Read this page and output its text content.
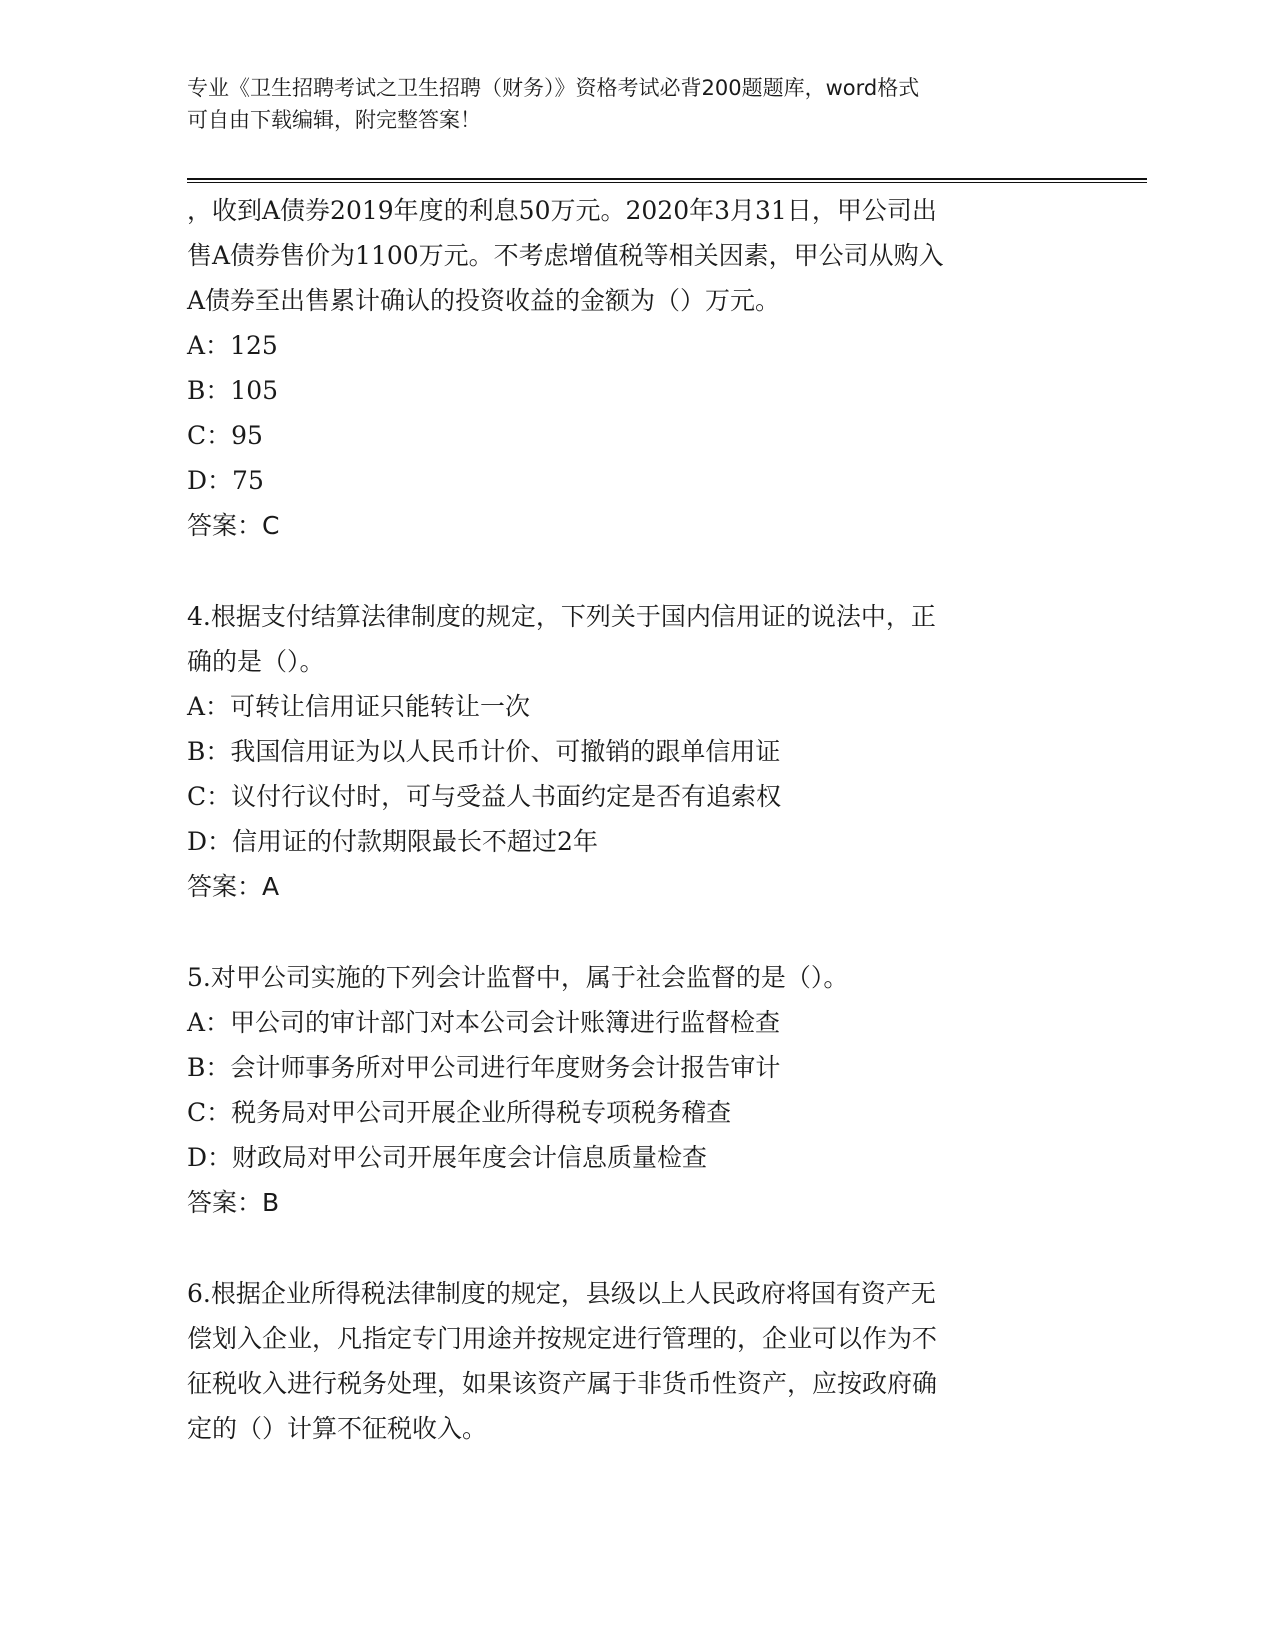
专业《卫生招聘考试之卫生招聘（财务）》资格考试必背200题题库，word格式
可自由下载编辑，附完整答案！
，收到A债券2019年度的利息50万元。2020年3月31日，甲公司出
售A债券售价为1100万元。不考虑增值税等相关因素，甲公司从购入
A债券至出售累计确认的投资收益的金额为（）万元。
A：125
B：105
C：95
D：75
答案：C
4.根据支付结算法律制度的规定，下列关于国内信用证的说法中，正
确的是（）。
A：可转让信用证只能转让一次
B：我国信用证为以人民币计价、可撤销的跟单信用证
C：议付行议付时，可与受益人书面约定是否有追索权
D：信用证的付款期限最长不超过2年
答案：A
5.对甲公司实施的下列会计监督中，属于社会监督的是（）。
A：甲公司的审计部门对本公司会计账簿进行监督检查
B：会计师事务所对甲公司进行年度财务会计报告审计
C：税务局对甲公司开展企业所得税专项税务稽查
D：财政局对甲公司开展年度会计信息质量检查
答案：B
6.根据企业所得税法律制度的规定，县级以上人民政府将国有资产无
偿划入企业，凡指定专门用途并按规定进行管理的，企业可以作为不
征税收入进行税务处理，如果该资产属于非货币性资产，应按政府确
定的（）计算不征税收入。
